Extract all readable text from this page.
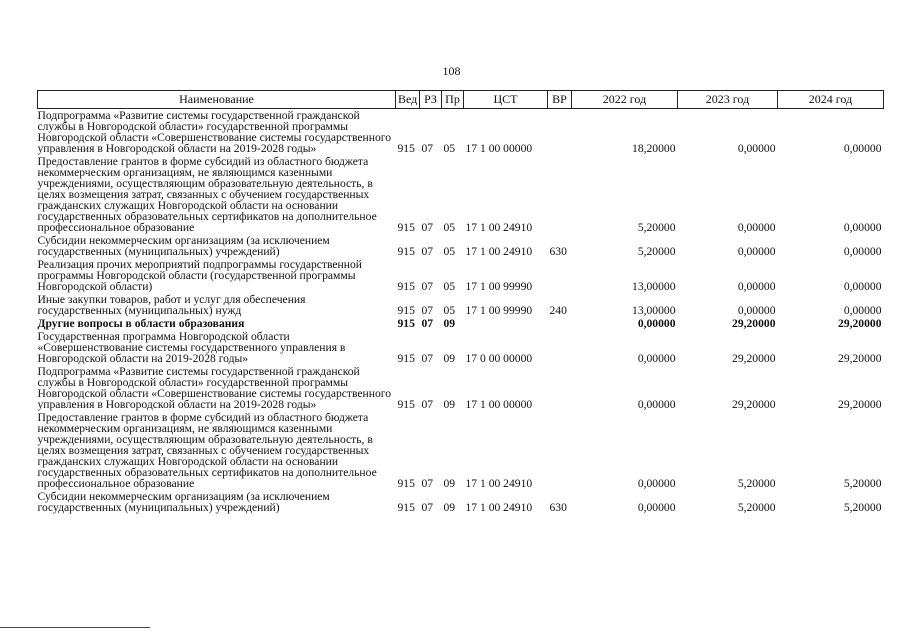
108
Наименование	Вед	РЗ	Пр	ЦСТ	ВР	2022 год	2023 год	2024 год
Подпрограмма «Развитие системы государственной гражданской службы в Новгородской области» государственной программы Новгородской области «Совершенствование системы государственного управления в Новгородской области на 2019-2028 годы»	915	07	05	17 1 00 00000		18,20000	0,00000	0,00000
Предоставление грантов в форме субсидий из областного бюджета некоммерческим организациям, не являющимся казенными учреждениями, осуществляющим образовательную деятельность, в целях возмещения затрат, связанных с обучением государственных гражданских служащих Новгородской области на основании государственных образовательных сертификатов на дополнительное профессиональное образование	915	07	05	17 1 00 24910		5,20000	0,00000	0,00000
Субсидии некоммерческим организациям (за исключением государственных (муниципальных) учреждений)	915	07	05	17 1 00 24910	630	5,20000	0,00000	0,00000
Реализация прочих мероприятий подпрограммы государственной программы Новгородской области (государственной программы Новгородской области)	915	07	05	17 1 00 99990		13,00000	0,00000	0,00000
Иные закупки товаров, работ и услуг для обеспечения государственных (муниципальных) нужд	915	07	05	17 1 00 99990	240	13,00000	0,00000	0,00000
Другие вопросы в области образования	915	07	09			0,00000	29,20000	29,20000
Государственная программа Новгородской области «Совершенствование системы государственного управления в Новгородской области на 2019-2028 годы»	915	07	09	17 0 00 00000		0,00000	29,20000	29,20000
Подпрограмма «Развитие системы государственной гражданской службы в Новгородской области» государственной программы Новгородской области «Совершенствование системы государственного управления в Новгородской области на 2019-2028 годы»	915	07	09	17 1 00 00000		0,00000	29,20000	29,20000
Предоставление грантов в форме субсидий из областного бюджета некоммерческим организациям, не являющимся казенными учреждениями, осуществляющим образовательную деятельность, в целях возмещения затрат, связанных с обучением государственных гражданских служащих Новгородской области на основании государственных образовательных сертификатов на дополнительное профессиональное образование	915	07	09	17 1 00 24910		0,00000	5,20000	5,20000
Субсидии некоммерческим организациям (за исключением государственных (муниципальных) учреждений)	915	07	09	17 1 00 24910	630	0,00000	5,20000	5,20000
